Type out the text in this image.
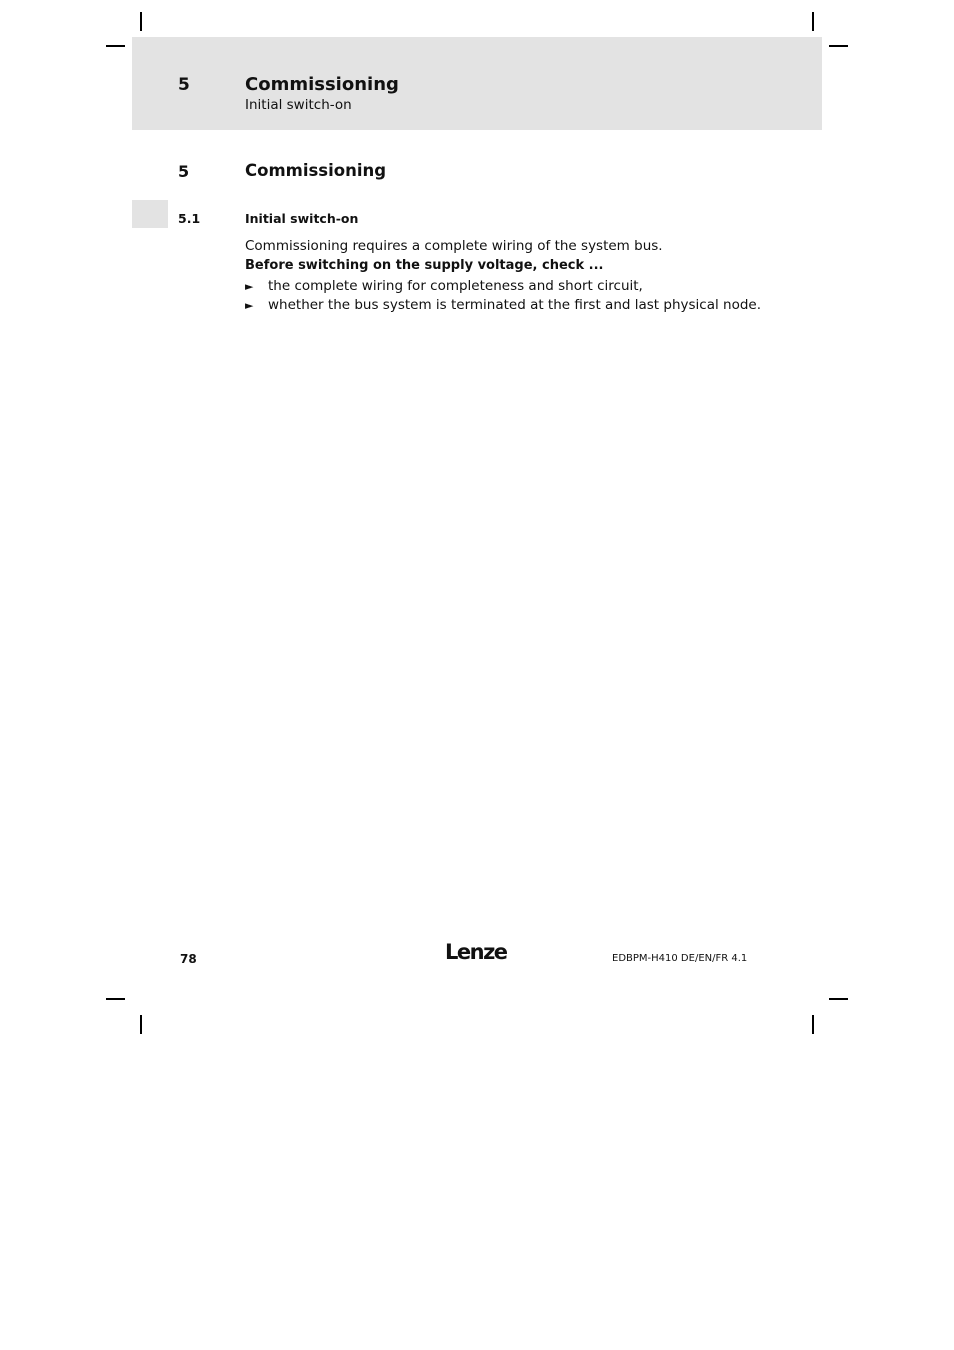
5	Commissioning
Initial switch-on
5	Commissioning
5.1	Initial switch-on
Commissioning requires a complete wiring of the system bus.
Before switching on the supply voltage, check ...
► the complete wiring for completeness and short circuit,
► whether the bus system is terminated at the first and last physical node.
78	Lenze	EDBPM-H410 DE/EN/FR 4.1
